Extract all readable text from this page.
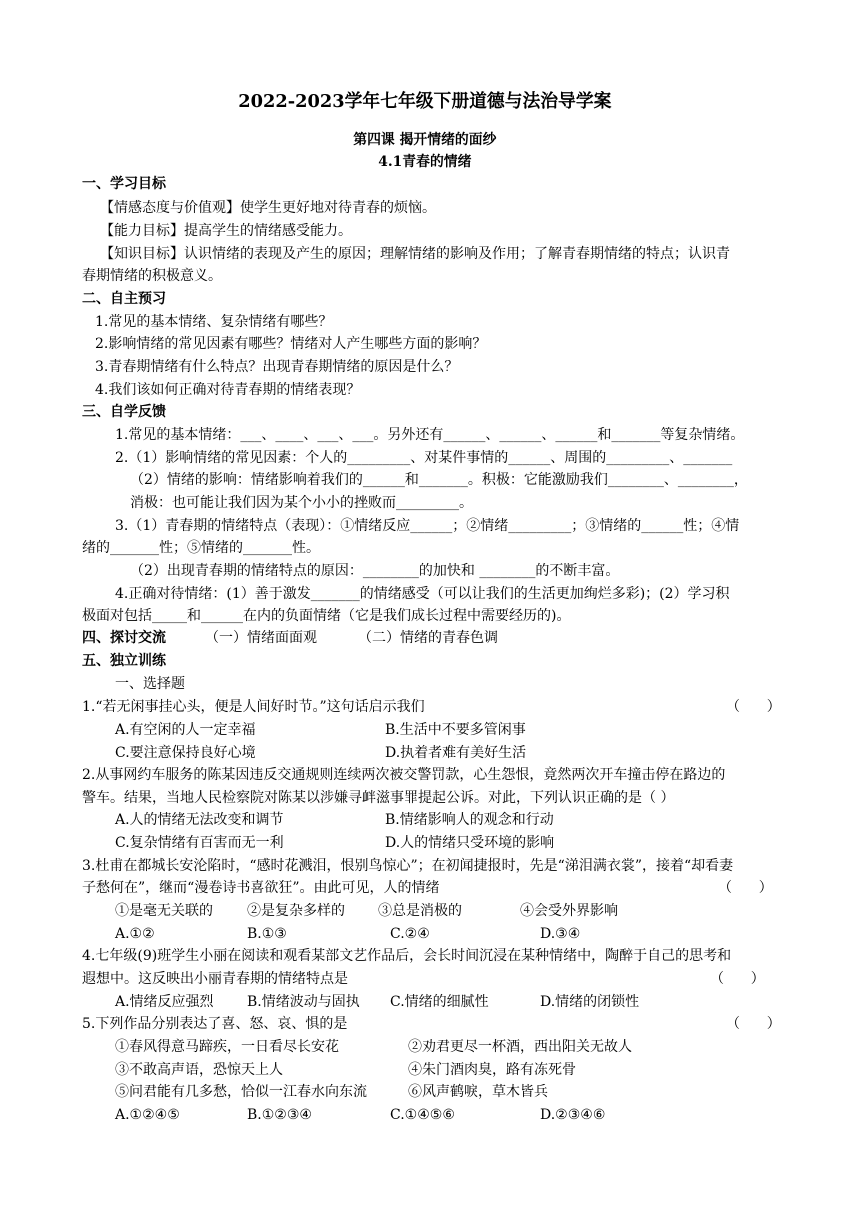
2022-2023学年七年级下册道德与法治导学案
第四课 揭开情绪的面纱
4.1青春的情绪
一、学习目标
【情感态度与价值观】使学生更好地对待青春的烦恼。
【能力目标】提高学生的情绪感受能力。
【知识目标】认识情绪的表现及产生的原因；理解情绪的影响及作用；了解青春期情绪的特点；认识青
春期情绪的积极意义。
二、自主预习
1.常见的基本情绪、复杂情绪有哪些？
2.影响情绪的常见因素有哪些？情绪对人产生哪些方面的影响？
3.青春期情绪有什么特点？出现青春期情绪的原因是什么？
4.我们该如何正确对待青春期的情绪表现？
三、自学反馈
1.常见的基本情绪：___、____、___、___。另外还有______、______、______和_______等复杂情绪。
2.（1）影响情绪的常见因素：个人的_________、对某件事情的______、周围的_________、_______
（2）情绪的影响：情绪影响着我们的______和_______。积极：它能激励我们________、________，
消极：也可能让我们因为某个小小的挫败而_________。
3.（1）青春期的情绪特点（表现）：①情绪反应______；②情绪_________；③情绪的______性；④情
绪的_______性；⑤情绪的_______性。
（2）出现青春期的情绪特点的原因：________的加快和 ________的不断丰富。
4.正确对待情绪：(1）善于激发_______的情绪感受（可以让我们的生活更加绚烂多彩)；(2）学习积
极面对包括_____和______在内的负面情绪（它是我们成长过程中需要经历的)。
四、探讨交流	（一）情绪面面观	（二）情绪的青春色调
五、独立训练
一、选择题
1.“若无闲事挂心头，便是人间好时节。”这句话启示我们	（      ）
A.有空闲的人一定幸福	B.生活中不要多管闲事
C.要注意保持良好心境	D.执着者难有美好生活
2.从事网约车服务的陈某因违反交通规则连续两次被交警罚款，心生怨恨，竟然两次开车撞击停在路边的
警车。结果，当地人民检察院对陈某以涉嫌寻衅滋事罪提起公诉。对此，下列认识正确的是（ ）
A.人的情绪无法改变和调节	B.情绪影响人的观念和行动
C.复杂情绪有百害而无一利	D.人的情绪只受环境的影响
3.杜甫在都城长安沦陷时，“感时花溅泪，恨别鸟惊心”；在初闻捷报时，先是“涕泪满衣裳”，接着“却看妻
子愁何在”，继而“漫卷诗书喜欲狂”。由此可见，人的情绪	（      ）
①是毫无关联的 ②是复杂多样的 ③总是消极的	④会受外界影响
A.①②	B.①③	C.②④	D.③④
4.七年级(9)班学生小丽在阅读和观看某部文艺作品后，会长时间沉浸在某种情绪中，陶醉于自己的思考和
遐想中。这反映出小丽青春期的情绪特点是	（      ）
A.情绪反应强烈 B.情绪波动与固执 C.情绪的细腻性	D.情绪的闭锁性
5.下列作品分别表达了喜、怒、哀、惧的是	（      ）
①春风得意马蹄疾，一日看尽长安花	②劝君更尽一杯酒，西出阳关无故人
③不敢高声语，恐惊天上人	④朱门酒肉臭，路有冻死骨
⑤问君能有几多愁，恰似一江春水向东流	⑥风声鹤唳，草木皆兵
A.①②④⑤	B.①②③④	C.①④⑤⑥	D.②③④⑥
